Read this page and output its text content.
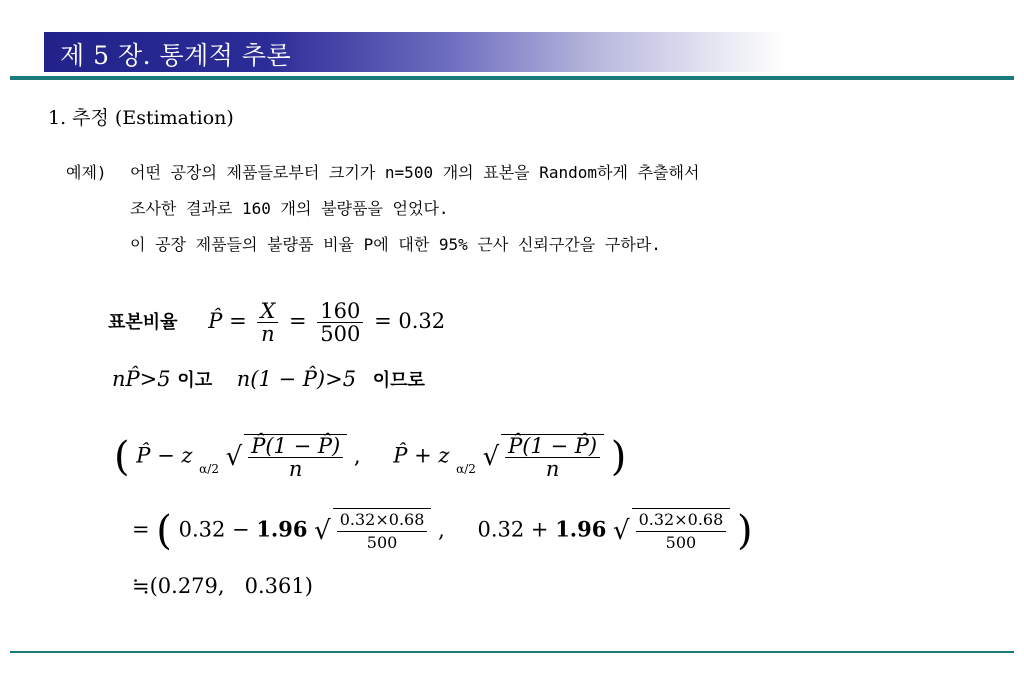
제 5 장. 통계적 추론
1. 추정 (Estimation)
예제) 어떤 공장의 제품들로부터 크기가 n=500 개의 표본을 Random하게 추출해서
조사한 결과로 160 개의 불량품을 얻었다.
이 공장 제품들의 불량품 비율 P에 대한 95% 근사 신뢰구간을 구하라.
표본비율 P̂ = $\frac{X}{n} = \frac{160}{500} = 0.32$
nP̂>5 이고 n(1 − P̂)>5 이므로
( P̂ − z α/2 √ $\frac{P̂(1 - P̂)}{n}$ , P̂ + z α/2 √ $\frac{P̂(1 - P̂)}{n}$ )
= ( 0.32 − 1.96 √ $\frac{0.32\times 0.68}{500}$ , 0.32 + 1.96 √ $\frac{0.32\times 0.68}{500}$ )
≒(0.279,   0.361)
